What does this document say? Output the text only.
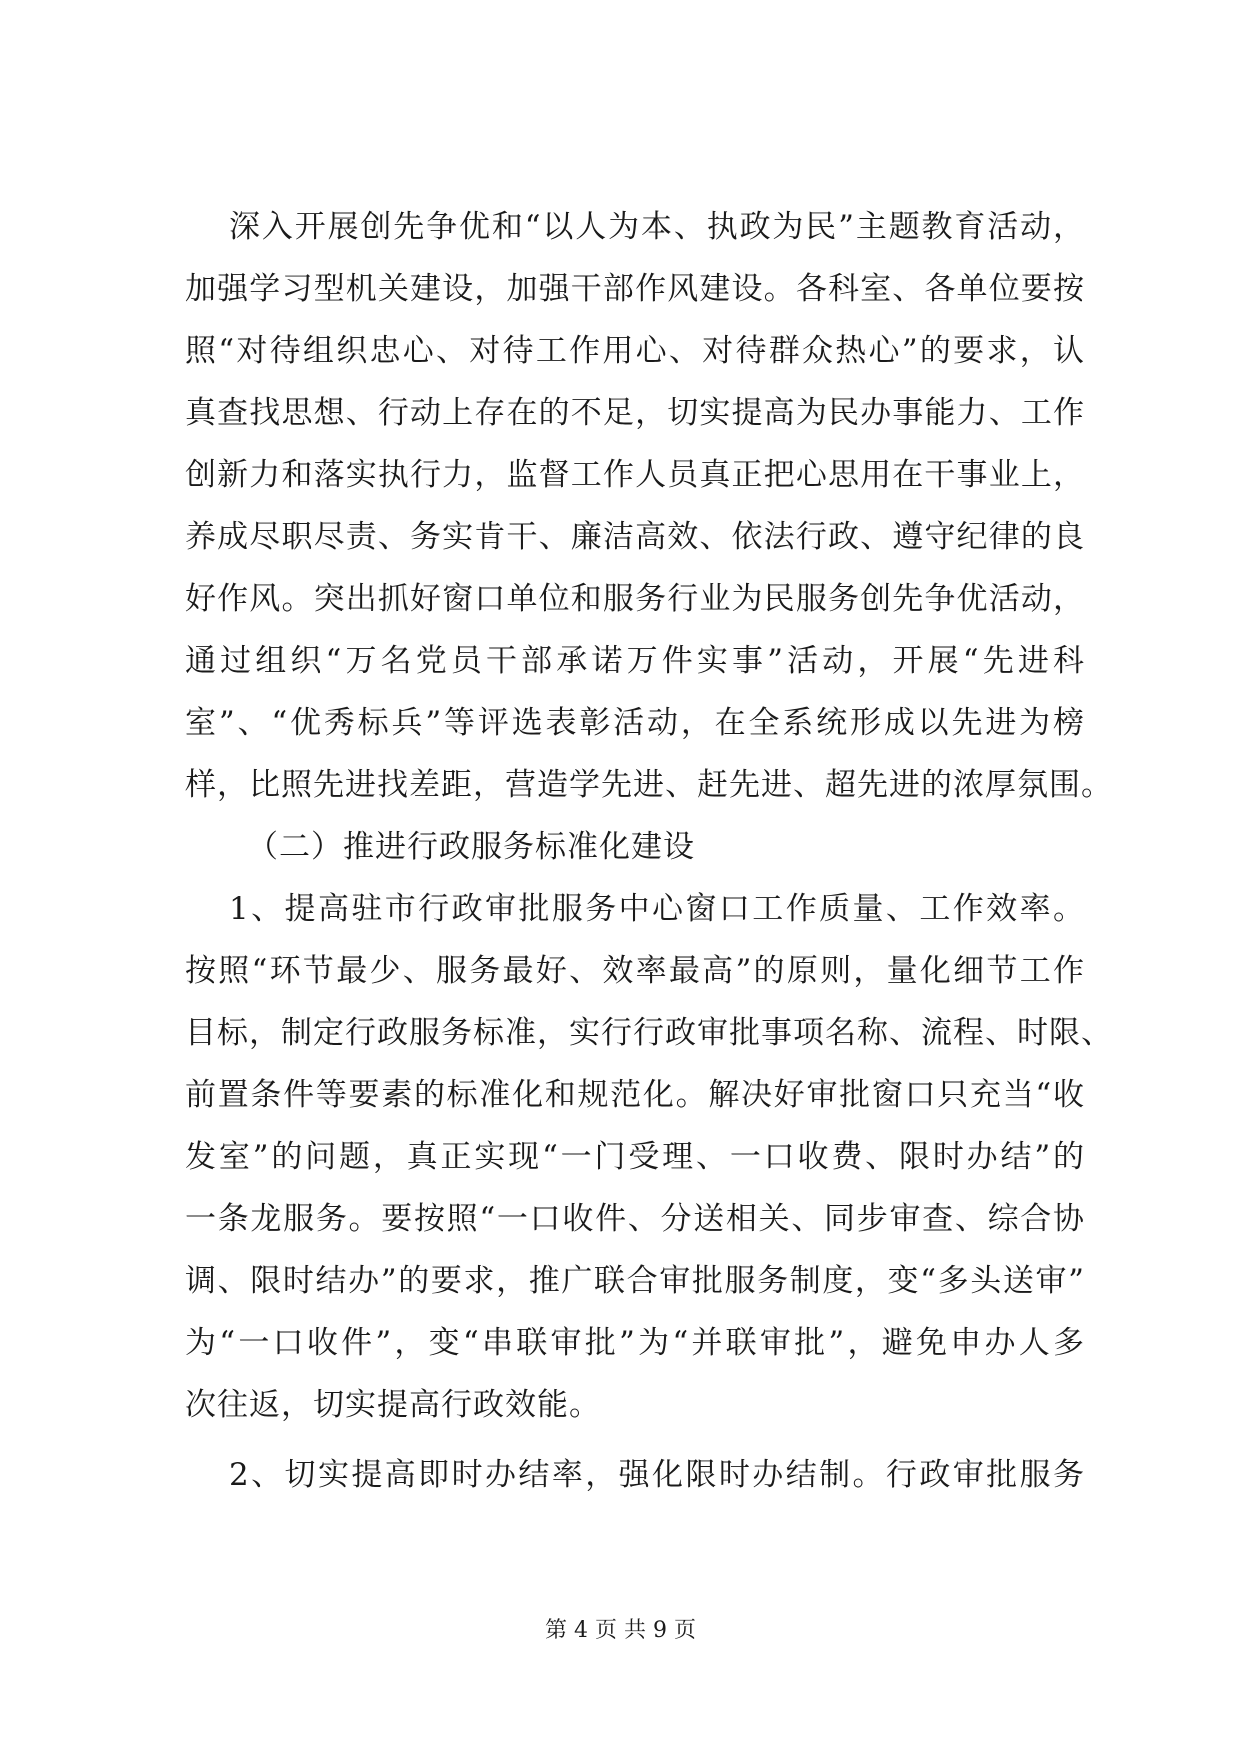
深入开展创先争优和“以人为本、执政为民”主题教育活动，
加强学习型机关建设，加强干部作风建设。各科室、各单位要按
照“对待组织忠心、对待工作用心、对待群众热心”的要求，认
真查找思想、行动上存在的不足，切实提高为民办事能力、工作
创新力和落实执行力，监督工作人员真正把心思用在干事业上，
养成尽职尽责、务实肯干、廉洁高效、依法行政、遵守纪律的良
好作风。突出抓好窗口单位和服务行业为民服务创先争优活动，
通过组织“万名党员干部承诺万件实事”活动，开展“先进科
室”、“优秀标兵”等评选表彰活动，在全系统形成以先进为榜
样，比照先进找差距，营造学先进、赶先进、超先进的浓厚氛围。
（二）推进行政服务标准化建设
1、提高驻市行政审批服务中心窗口工作质量、工作效率。
按照“环节最少、服务最好、效率最高”的原则，量化细节工作
目标，制定行政服务标准，实行行政审批事项名称、流程、时限、
前置条件等要素的标准化和规范化。解决好审批窗口只充当“收
发室”的问题，真正实现“一门受理、一口收费、限时办结”的
一条龙服务。要按照“一口收件、分送相关、同步审查、综合协
调、限时结办”的要求，推广联合审批服务制度，变“多头送审”
为“一口收件”，变“串联审批”为“并联审批”，避免申办人多
次往返，切实提高行政效能。
2、切实提高即时办结率，强化限时办结制。行政审批服务
第 4 页 共 9 页
